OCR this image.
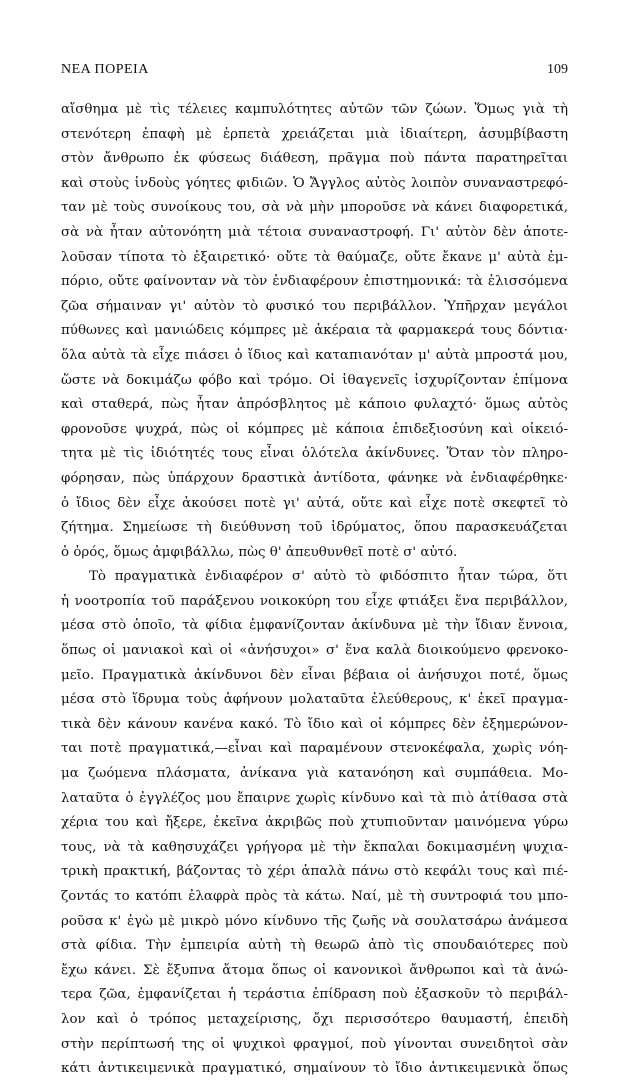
ΝΕΑ ΠΟΡΕΙΑ	109
αἴσθημα μὲ τὶς τέλειες καμπυλότητες αὐτῶν τῶν ζώων. Ὅμως γιὰ τὴ
στενότερη ἐπαφὴ μὲ ἑρπετὰ χρειάζεται μιὰ ἰδιαίτερη, ἀσυμβίβαστη
στὸν ἄνθρωπο ἐκ φύσεως διάθεση, πρᾶγμα ποὺ πάντα παρατηρεῖται
καὶ στοὺς ἰνδοὺς γόητες φιδιῶν. Ὁ Ἄγγλος αὐτὸς λοιπὸν συναναστρεφό-
ταν μὲ τοὺς συνοίκους του, σὰ νὰ μὴν μποροῦσε νὰ κάνει διαφορετικά,
σὰ νὰ ἦταν αὐτονόητη μιὰ τέτοια συναναστροφή. Γι' αὐτὸν δὲν ἀποτε-
λοῦσαν τίποτα τὸ ἐξαιρετικό· οὔτε τὰ θαύμαζε, οὔτε ἔκανε μ' αὐτὰ ἐμ-
πόριο, οὔτε φαίνονταν νὰ τὸν ἐνδιαφέρουν ἐπιστημονικά: τὰ ἑλισσόμενα
ζῶα σήμαιναν γι' αὐτὸν τὸ φυσικό του περιβάλλον. Ὑπῆρχαν μεγάλοι
πύθωνες καὶ μανιώδεις κόμπρες μὲ ἀκέραια τὰ φαρμακερά τους δόντια·
ὅλα αὐτὰ τὰ εἶχε πιάσει ὁ ἴδιος καὶ καταπιανόταν μ' αὐτὰ μπροστά μου,
ὥστε νὰ δοκιμάζω φόβο καὶ τρόμο. Οἱ ἰθαγενεῖς ἰσχυρίζονταν ἐπίμονα
καὶ σταθερά, πὼς ἦταν ἀπρόσβλητος μὲ κάποιο φυλαχτό· ὅμως αὐτὸς
φρονοῦσε ψυχρά, πὼς οἱ κόμπρες μὲ κάποια ἐπιδεξιοσύνη καὶ οἰκειό-
τητα μὲ τὶς ἰδιότητές τους εἶναι ὁλότελα ἀκίνδυνες. Ὅταν τὸν πληρο-
φόρησαν, πὼς ὑπάρχουν δραστικὰ ἀντίδοτα, φάνηκε νὰ ἐνδιαφέρθηκε·
ὁ ἴδιος δὲν εἶχε ἀκούσει ποτὲ γι' αὐτά, οὔτε καὶ εἶχε ποτὲ σκεφτεῖ τὸ
ζήτημα. Σημείωσε τὴ διεύθυνση τοῦ ἱδρύματος, ὅπου παρασκευάζεται
ὁ ὀρός, ὅμως ἀμφιβάλλω, πὼς θ' ἀπευθυνθεῖ ποτὲ σ' αὐτό.
Τὸ πραγματικὰ ἐνδιαφέρον σ' αὐτὸ τὸ φιδόσπιτο ἦταν τώρα, ὅτι
ἡ νοοτροπία τοῦ παράξενου νοικοκύρη του εἶχε φτιάξει ἕνα περιβάλλον,
μέσα στὸ ὁποῖο, τὰ φίδια ἐμφανίζονταν ἀκίνδυνα μὲ τὴν ἴδιαν ἔννοια,
ὅπως οἱ μανιακοὶ καὶ οἱ «ἀνήσυχοι» σ' ἕνα καλὰ διοικούμενο φρενοκο-
μεῖο. Πραγματικὰ ἀκίνδυνοι δὲν εἶναι βέβαια οἱ ἀνήσυχοι ποτέ, ὅμως
μέσα στὸ ἵδρυμα τοὺς ἀφήνουν μολαταῦτα ἐλεύθερους, κ' ἐκεῖ πραγμα-
τικὰ δὲν κάνουν κανένα κακό. Τὸ ἴδιο καὶ οἱ κόμπρες δὲν ἐξημερώνον-
ται ποτὲ πραγματικά,—εἶναι καὶ παραμένουν στενοκέφαλα, χωρὶς νόη-
μα ζωόμενα πλάσματα, ἀνίκανα γιὰ κατανόηση καὶ συμπάθεια. Μο-
λαταῦτα ὁ ἐγγλέζος μου ἔπαιρνε χωρὶς κίνδυνο καὶ τὰ πιὸ ἀτίθασα στὰ
χέρια του καὶ ἤξερε, ἐκεῖνα ἀκριβῶς ποὺ χτυπιοῦνταν μαινόμενα γύρω
τους, νὰ τὰ καθησυχάζει γρήγορα μὲ τὴν ἔκπαλαι δοκιμασμένη ψυχια-
τρικὴ πρακτική, βάζοντας τὸ χέρι ἁπαλὰ πάνω στὸ κεφάλι τους καὶ πιέ-
ζοντάς το κατόπι ἐλαφρὰ πρὸς τὰ κάτω. Ναί, μὲ τὴ συντροφιά του μπο-
ροῦσα κ' ἐγὼ μὲ μικρὸ μόνο κίνδυνο τῆς ζωῆς νὰ σουλατσάρω ἀνάμεσα
στὰ φίδια. Τὴν ἐμπειρία αὐτὴ τὴ θεωρῶ ἀπὸ τὶς σπουδαιότερες ποὺ
ἔχω κάνει. Σὲ ἔξυπνα ἄτομα ὅπως οἱ κανονικοὶ ἄνθρωποι καὶ τὰ ἀνώ-
τερα ζῶα, ἐμφανίζεται ἡ τεράστια ἐπίδραση ποὺ ἐξασκοῦν τὸ περιβάλ-
λον καὶ ὁ τρόπος μεταχείρισης, ὄχι περισσότερο θαυμαστή, ἐπειδὴ
στὴν περίπτωσή της οἱ ψυχικοὶ φραγμοί, ποὺ γίνονται συνειδητοὶ σὰν
κάτι ἀντικειμενικὰ πραγματικό, σημαίνουν τὸ ἴδιο ἀντικειμενικὰ ὅπως
